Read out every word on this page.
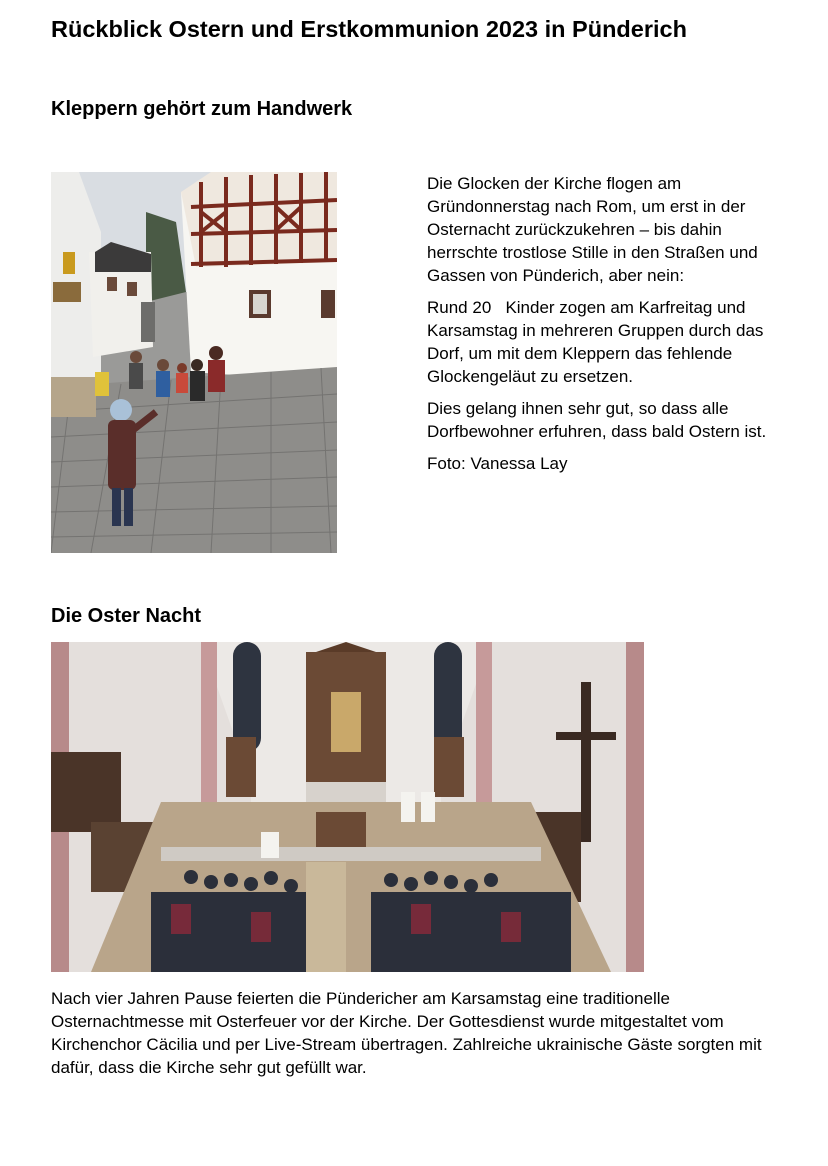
Rückblick Ostern und Erstkommunion 2023 in Pünderich
Kleppern gehört zum Handwerk

Die Glocken der Kirche flogen am Gründonnerstag nach Rom, um erst in der Osternacht zurückzukehren – bis dahin herrschte trostlose Stille in den Straßen und Gassen von Pünderich, aber nein:

Rund 20   Kinder zogen am Karfreitag und  Karsamstag in mehreren Gruppen durch das Dorf, um mit dem Kleppern das fehlende Glockengeläut zu ersetzen.

Dies gelang ihnen sehr gut, so dass alle Dorfbewohner erfuhren, dass bald Ostern ist.

Foto: Vanessa Lay

Die Oster Nacht

Nach vier Jahren Pause feierten die Pündericher am Karsamstag eine traditionelle Osternachtmesse mit Osterfeuer vor der Kirche. Der Gottesdienst wurde mitgestaltet vom Kirchenchor Cäcilia und per Live-Stream übertragen. Zahlreiche ukrainische Gäste sorgten mit dafür, dass die Kirche sehr gut gefüllt war.
